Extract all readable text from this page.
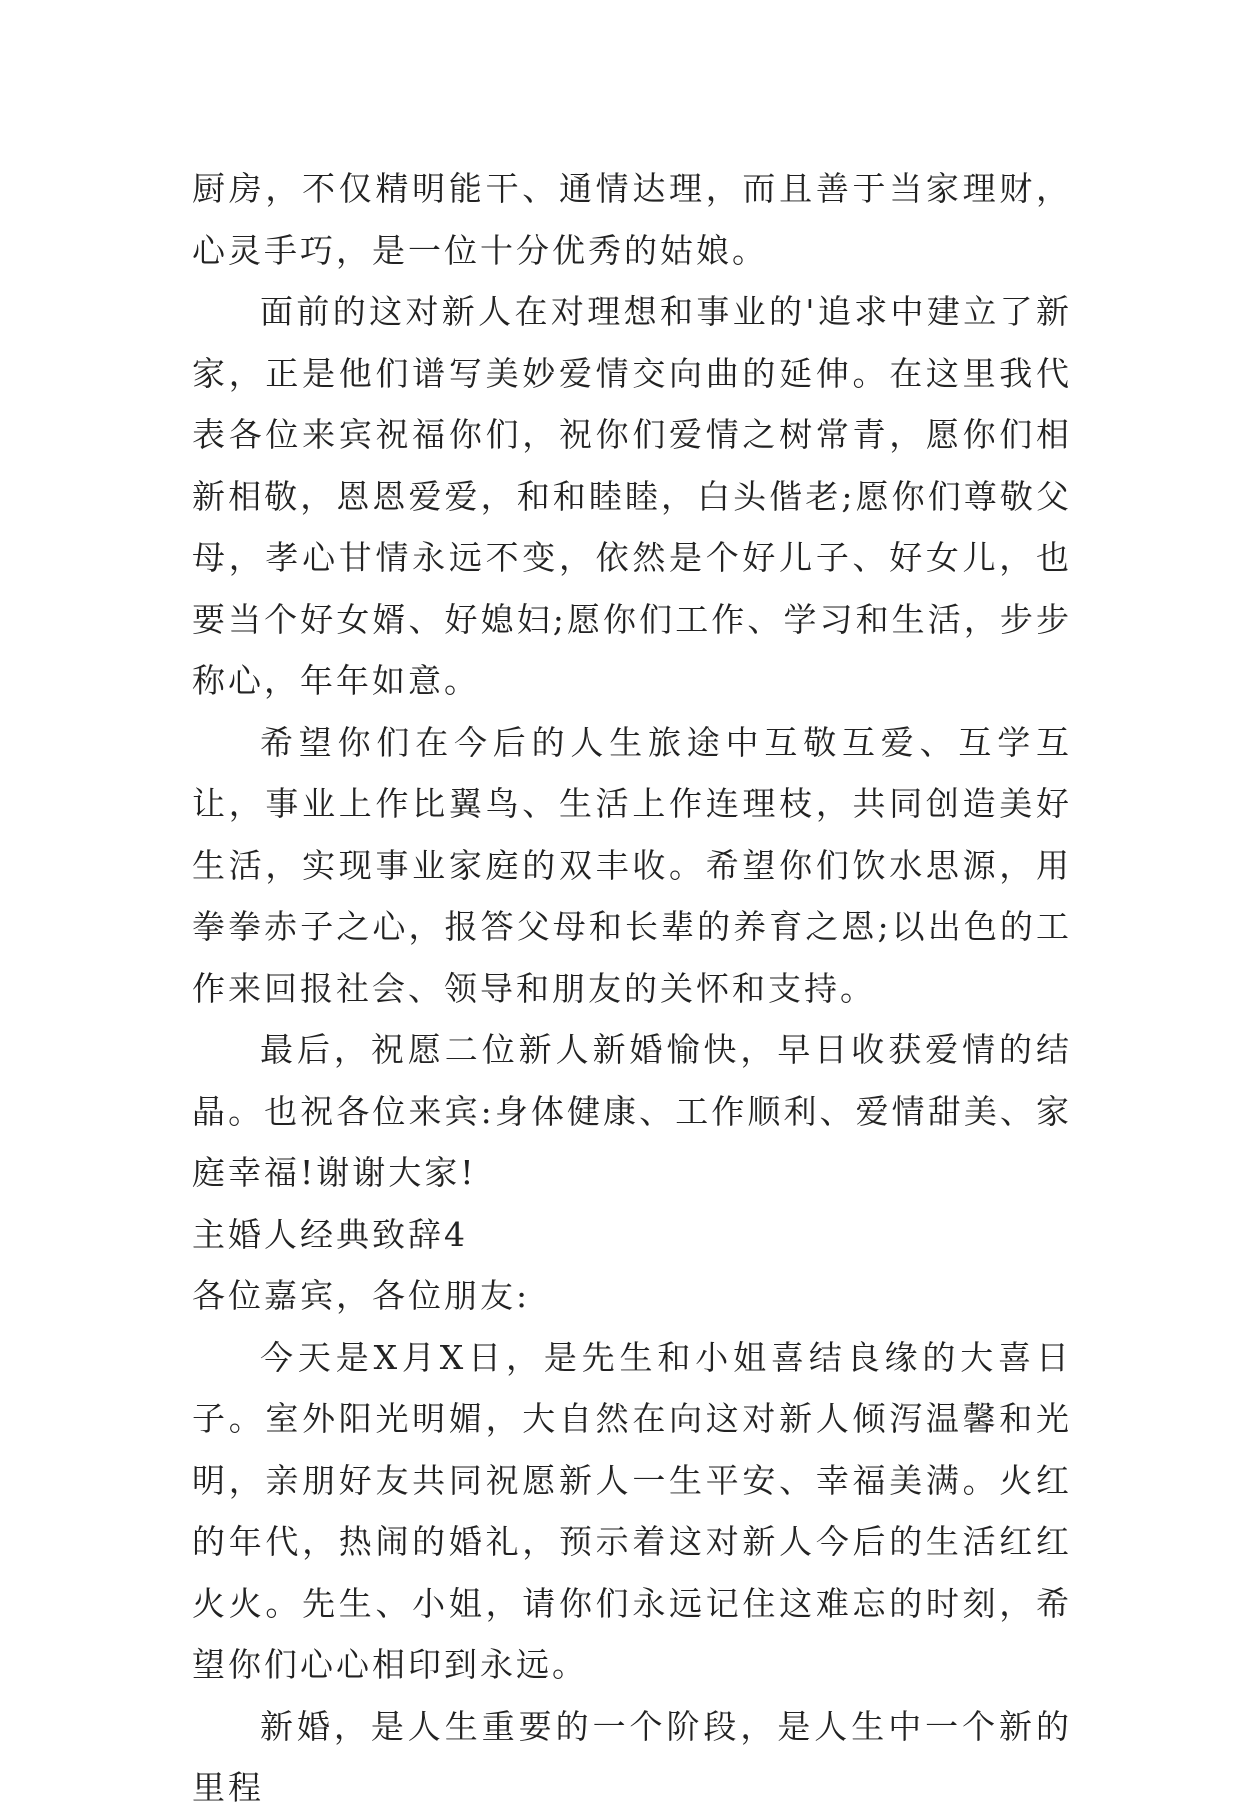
厨房，不仅精明能干、通情达理，而且善于当家理财，心灵手巧，是一位十分优秀的姑娘。

面前的这对新人在对理想和事业的'追求中建立了新家，正是他们谱写美妙爱情交向曲的延伸。在这里我代表各位来宾祝福你们，祝你们爱情之树常青，愿你们相新相敬，恩恩爱爱，和和睦睦，白头偕老;愿你们尊敬父母，孝心甘情永远不变，依然是个好儿子、好女儿，也要当个好女婿、好媳妇;愿你们工作、学习和生活，步步称心，年年如意。

希望你们在今后的人生旅途中互敬互爱、互学互让，事业上作比翼鸟、生活上作连理枝，共同创造美好生活，实现事业家庭的双丰收。希望你们饮水思源，用拳拳赤子之心，报答父母和长辈的养育之恩;以出色的工作来回报社会、领导和朋友的关怀和支持。

最后，祝愿二位新人新婚愉快，早日收获爱情的结晶。也祝各位来宾:身体健康、工作顺利、爱情甜美、家庭幸福!谢谢大家!

主婚人经典致辞4

各位嘉宾，各位朋友:

今天是X月X日，是先生和小姐喜结良缘的大喜日子。室外阳光明媚，大自然在向这对新人倾泻温馨和光明，亲朋好友共同祝愿新人一生平安、幸福美满。火红的年代，热闹的婚礼，预示着这对新人今后的生活红红火火。先生、小姐，请你们永远记住这难忘的时刻，希望你们心心相印到永远。

新婚，是人生重要的一个阶段，是人生中一个新的里程
